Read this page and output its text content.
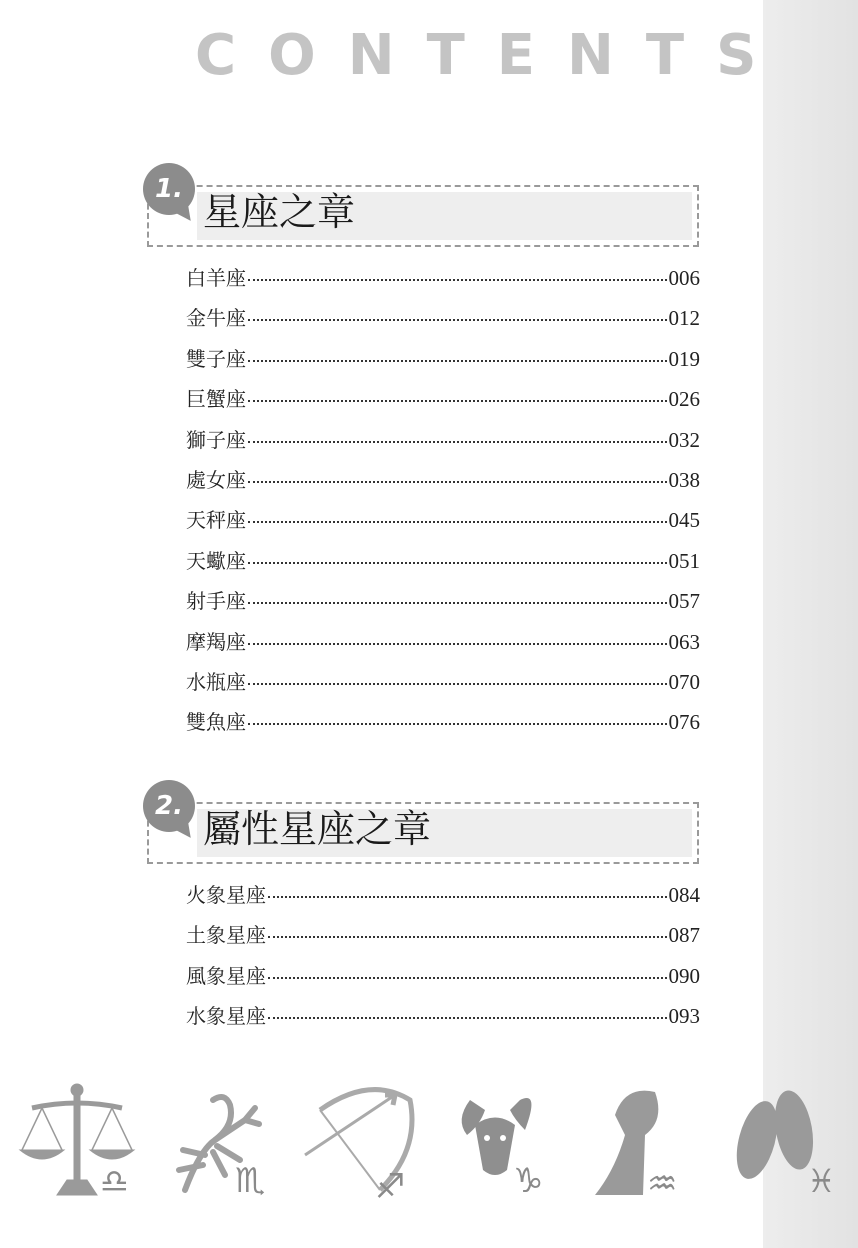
CONTENTS
1.
星座之章
白羊座	006
金牛座	012
雙子座	019
巨蟹座	026
獅子座	032
處女座	038
天秤座	045
天蠍座	051
射手座	057
摩羯座	063
水瓶座	070
雙魚座	076
2.
屬性星座之章
火象星座	084
土象星座	087
風象星座	090
水象星座	093
♎	♏	♐	♑	♒	♓
